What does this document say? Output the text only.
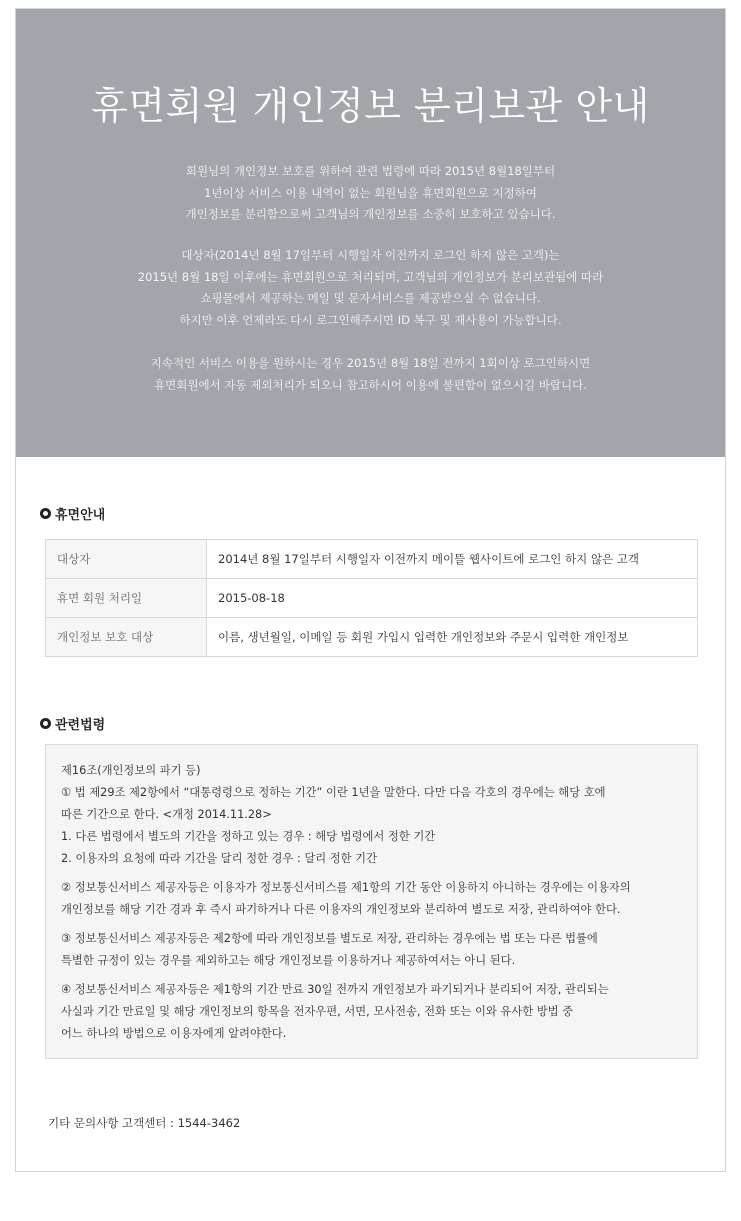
휴면회원 개인정보 분리보관 안내

회원님의 개인정보 보호를 위하여 관련 법령에 따라 2015년 8월18일부터
1년이상 서비스 이용 내역이 없는 회원님을 휴면회원으로 지정하여
개인정보를 분리함으로써 고객님의 개인정보를 소중히 보호하고 있습니다.

대상자(2014년 8월 17일부터 시행일자 이전까지 로그인 하지 않은 고객)는
2015년 8월 18일 이후에는 휴면회원으로 처리되며, 고객님의 개인정보가 분리보관됨에 따라
쇼핑몰에서 제공하는 메일 및 문자서비스를 제공받으실 수 없습니다.
하지만 이후 언제라도 다시 로그인해주시면 ID 복구 및 재사용이 가능합니다.

지속적인 서비스 이용을 원하시는 경우 2015년 8월 18일 전까지 1회이상 로그인하시면
휴면회원에서 자동 제외처리가 되오니 참고하시어 이용에 불편함이 없으시길 바랍니다.

휴면안내
대상자	2014년 8월 17일부터 시행일자 이전까지 메이뜰 웹사이트에 로그인 하지 않은 고객
휴면 회원 처리일	2015-08-18
개인정보 보호 대상	이름, 생년월일, 이메일 등 회원 가입시 입력한 개인정보와 주문시 입력한 개인정보
관련법령
제16조(개인정보의 파기 등)
① 법 제29조 제2항에서 “대통령령으로 정하는 기간” 이란 1년을 말한다. 다만 다음 각호의 경우에는 해당 호에
따른 기간으로 한다. <개정 2014.11.28>
1. 다른 법령에서 별도의 기간을 정하고 있는 경우 : 해당 법령에서 정한 기간
2. 이용자의 요청에 따라 기간을 달리 정한 경우 : 달리 정한 기간
② 정보통신서비스 제공자등은 이용자가 정보통신서비스를 제1항의 기간 동안 이용하지 아니하는 경우에는 이용자의
개인정보를 해당 기간 경과 후 즉시 파기하거나 다른 이용자의 개인정보와 분리하여 별도로 저장, 관리하여야 한다.
③ 정보통신서비스 제공자등은 제2항에 따라 개인정보를 별도로 저장, 관리하는 경우에는 법 또는 다른 법률에
특별한 규정이 있는 경우를 제외하고는 해당 개인정보를 이용하거나 제공하여서는 아니 된다.
④ 정보통신서비스 제공자등은 제1항의 기간 만료 30일 전까지 개인정보가 파기되거나 분리되어 저장, 관리되는
사실과 기간 만료일 및 해당 개인정보의 항목을 전자우편, 서면, 모사전송, 전화 또는 이와 유사한 방법 중
어느 하나의 방법으로 이용자에게 알려야한다.
기타 문의사항 고객센터 : 1544-3462
